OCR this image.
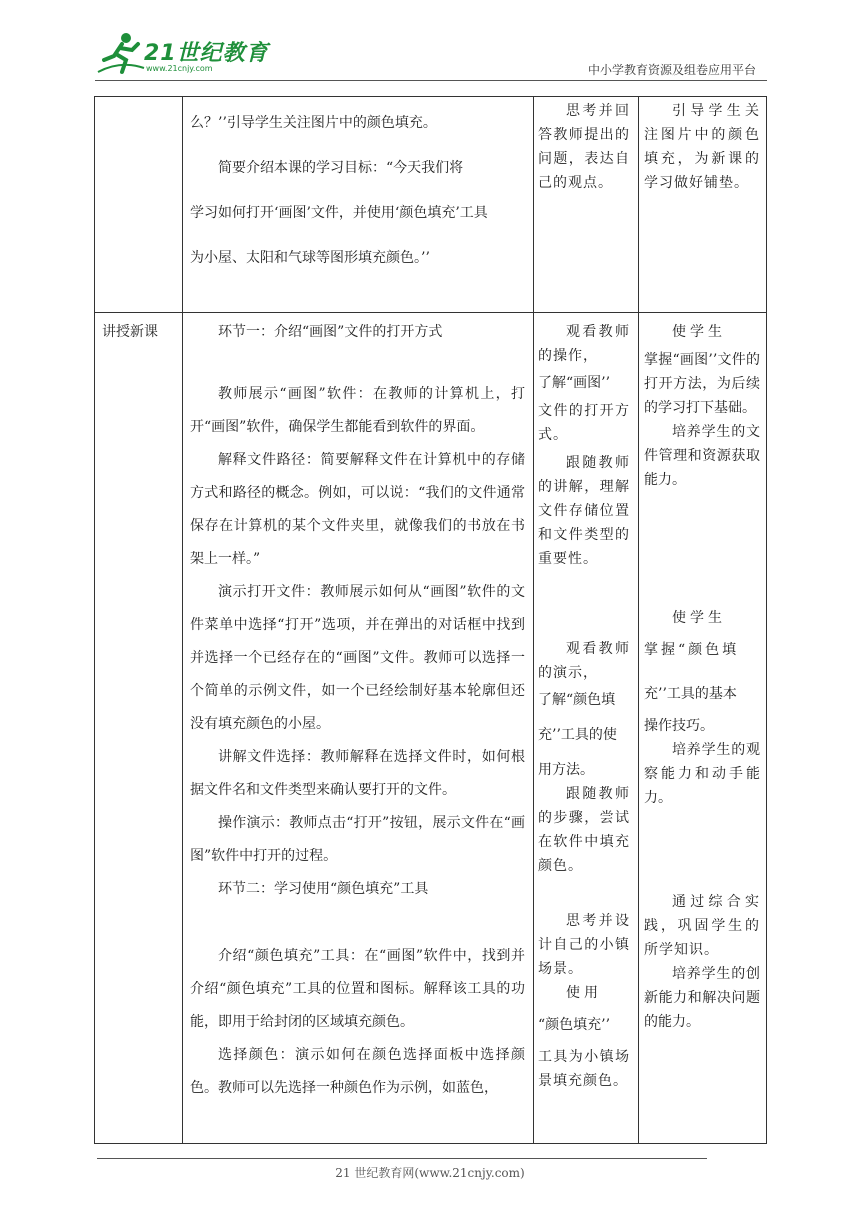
21世纪教育
www.21cnjy.com	中小学教育资源及组卷应用平台

么？’’引导学生关注图片中的颜色填充。

简要介绍本课的学习目标：“今天我们将

学习如何打开‘画图’文件，并使用‘颜色填充’工具

为小屋、太阳和气球等图形填充颜色。’’

思考并回答教师提出的问题，表达自己的观点。

引导学生关注图片中的颜色填充，为新课的学习做好铺垫。

讲授新课	环节一：介绍“画图”文件的打开方式

教师展示“画图”软件：在教师的计算机上，打开“画图”软件，确保学生都能看到软件的界面。

解释文件路径：简要解释文件在计算机中的存储方式和路径的概念。例如，可以说：“我们的文件通常保存在计算机的某个文件夹里，就像我们的书放在书架上一样。”

演示打开文件：教师展示如何从“画图”软件的文件菜单中选择“打开”选项，并在弹出的对话框中找到并选择一个已经存在的“画图”文件。教师可以选择一个简单的示例文件，如一个已经绘制好基本轮廓但还没有填充颜色的小屋。

讲解文件选择：教师解释在选择文件时，如何根据文件名和文件类型来确认要打开的文件。

操作演示：教师点击“打开”按钮，展示文件在“画图”软件中打开的过程。

环节二：学习使用“颜色填充”工具

介绍“颜色填充”工具：在“画图”软件中，找到并介绍“颜色填充”工具的位置和图标。解释该工具的功能，即用于给封闭的区域填充颜色。

选择颜色：演示如何在颜色选择面板中选择颜色。教师可以先选择一种颜色作为示例，如蓝色，

观看教师的操作，

了解“画图’’

文件的打开方式。

跟随教师的讲解，理解文件存储位置和文件类型的重要性。

观看教师的演示，

了解“颜色填

充’’工具的使

用方法。

跟随教师的步骤，尝试在软件中填充颜色。

思考并设计自己的小镇场景。

使用

“颜色填充’’

工具为小镇场景填充颜色。

使学生

掌握“画图’’文件的打开方法，为后续的学习打下基础。

培养学生的文件管理和资源获取能力。

使学生

掌握“颜色填

充’’工具的基本

操作技巧。

培养学生的观察能力和动手能力。

通过综合实践，巩固学生的所学知识。

培养学生的创新能力和解决问题的能力。

21 世纪教育网(www.21cnjy.com)
